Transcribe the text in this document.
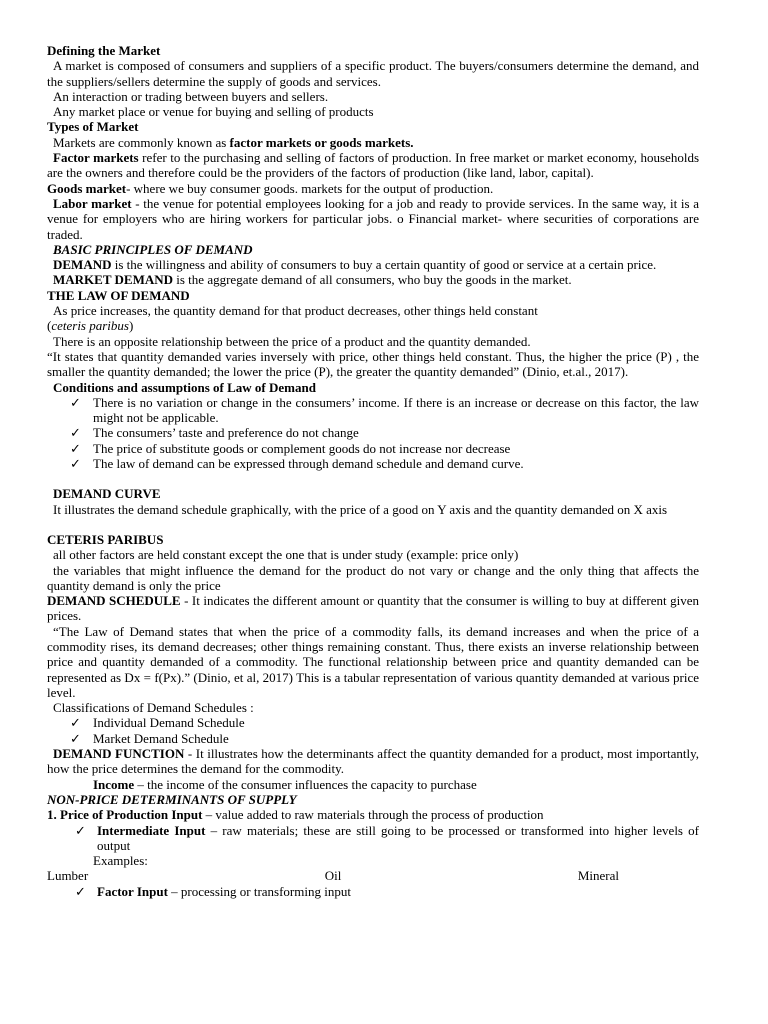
Defining the Market

A market is composed of consumers and suppliers of a specific product. The buyers/consumers determine the demand, and the suppliers/sellers determine the supply of goods and services.

An interaction or trading between buyers and sellers.

Any market place or venue for buying and selling of products

Types of Market

Markets are commonly known as factor markets or goods markets.

Factor markets refer to the purchasing and selling of factors of production. In free market or market economy, households are the owners and therefore could be the providers of the factors of production (like land, labor, capital).

Goods market- where we buy consumer goods. markets for the output of production.

Labor market - the venue for potential employees looking for a job and ready to provide services. In the same way, it is a venue for employers who are hiring workers for particular jobs. o Financial market- where securities of corporations are traded.

BASIC PRINCIPLES OF DEMAND

DEMAND is the willingness and ability of consumers to buy a certain quantity of good or service at a certain price.

MARKET DEMAND is the aggregate demand of all consumers, who buy the goods in the market.

THE LAW OF DEMAND

As price increases, the quantity demand for that product decreases, other things held constant

(ceteris paribus)

There is an opposite relationship between the price of a product and the quantity demanded.

“It states that quantity demanded varies inversely with price, other things held constant. Thus, the higher the price (P) , the smaller the quantity demanded; the lower the price (P), the greater the quantity demanded” (Dinio, et.al., 2017).

Conditions and assumptions of Law of Demand

✓ There is no variation or change in the consumers’ income. If there is an increase or decrease on this factor, the law might not be applicable.

✓ The consumers’ taste and preference do not change

✓ The price of substitute goods or complement goods do not increase nor decrease

✓ The law of demand can be expressed through demand schedule and demand curve.

DEMAND CURVE

It illustrates the demand schedule graphically, with the price of a good on Y axis and the quantity demanded on X axis

CETERIS PARIBUS

all other factors are held constant except the one that is under study (example: price only)

the variables that might influence the demand for the product do not vary or change and the only thing that affects the quantity demand is only the price

DEMAND SCHEDULE - It indicates the different amount or quantity that the consumer is willing to buy at different given prices.

“The Law of Demand states that when the price of a commodity falls, its demand increases and when the price of a commodity rises, its demand decreases; other things remaining constant. Thus, there exists an inverse relationship between price and quantity demanded of a commodity. The functional relationship between price and quantity demanded can be represented as Dx = f(Px).” (Dinio, et al, 2017) This is a tabular representation of various quantity demanded at various price level.

Classifications of Demand Schedules :

✓ Individual Demand Schedule

✓ Market Demand Schedule

DEMAND FUNCTION - It illustrates how the determinants affect the quantity demanded for a product, most importantly, how the price determines the demand for the commodity.

Income – the income of the consumer influences the capacity to purchase

NON-PRICE DETERMINANTS OF SUPPLY

1. Price of Production Input – value added to raw materials through the process of production

✓ Intermediate Input – raw materials; these are still going to be processed or transformed into higher levels of output

Examples:

Lumber	Oil	Mineral

✓ Factor Input – processing or transforming input
